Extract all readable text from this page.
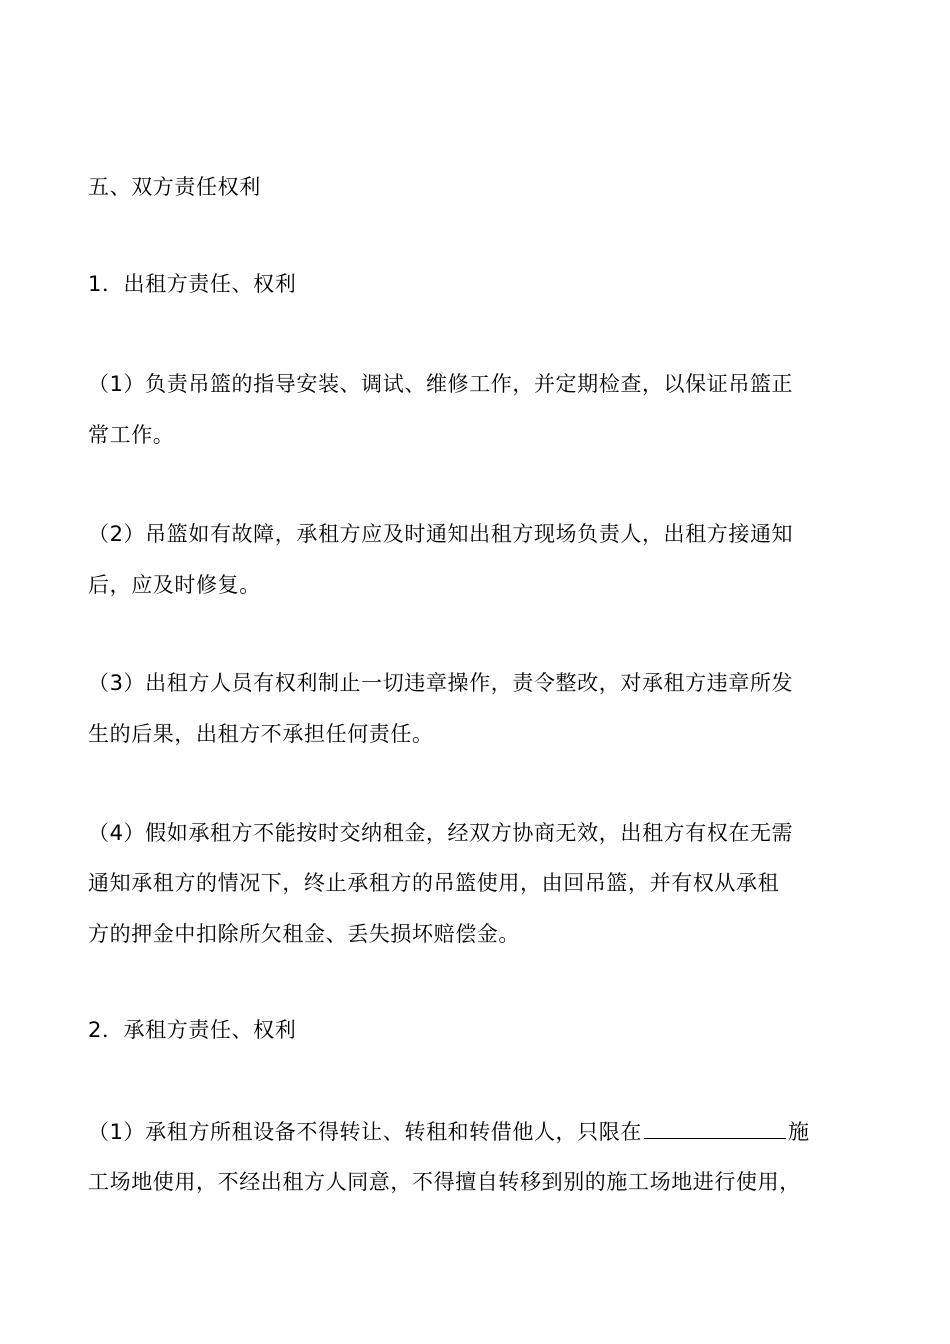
五、双方责任权利
1．出租方责任、权利
（1）负责吊篮的指导安装、调试、维修工作，并定期检查，以保证吊篮正
常工作。
（2）吊篮如有故障，承租方应及时通知出租方现场负责人，出租方接通知
后，应及时修复。
（3）出租方人员有权利制止一切违章操作，责令整改，对承租方违章所发
生的后果，出租方不承担任何责任。
（4）假如承租方不能按时交纳租金，经双方协商无效，出租方有权在无需
通知承租方的情况下，终止承租方的吊篮使用，由回吊篮，并有权从承租
方的押金中扣除所欠租金、丢失损坏赔偿金。
2．承租方责任、权利
（1）承租方所租设备不得转让、转租和转借他人，只限在	施
工场地使用，不经出租方人同意，不得擅自转移到别的施工场地进行使用，
